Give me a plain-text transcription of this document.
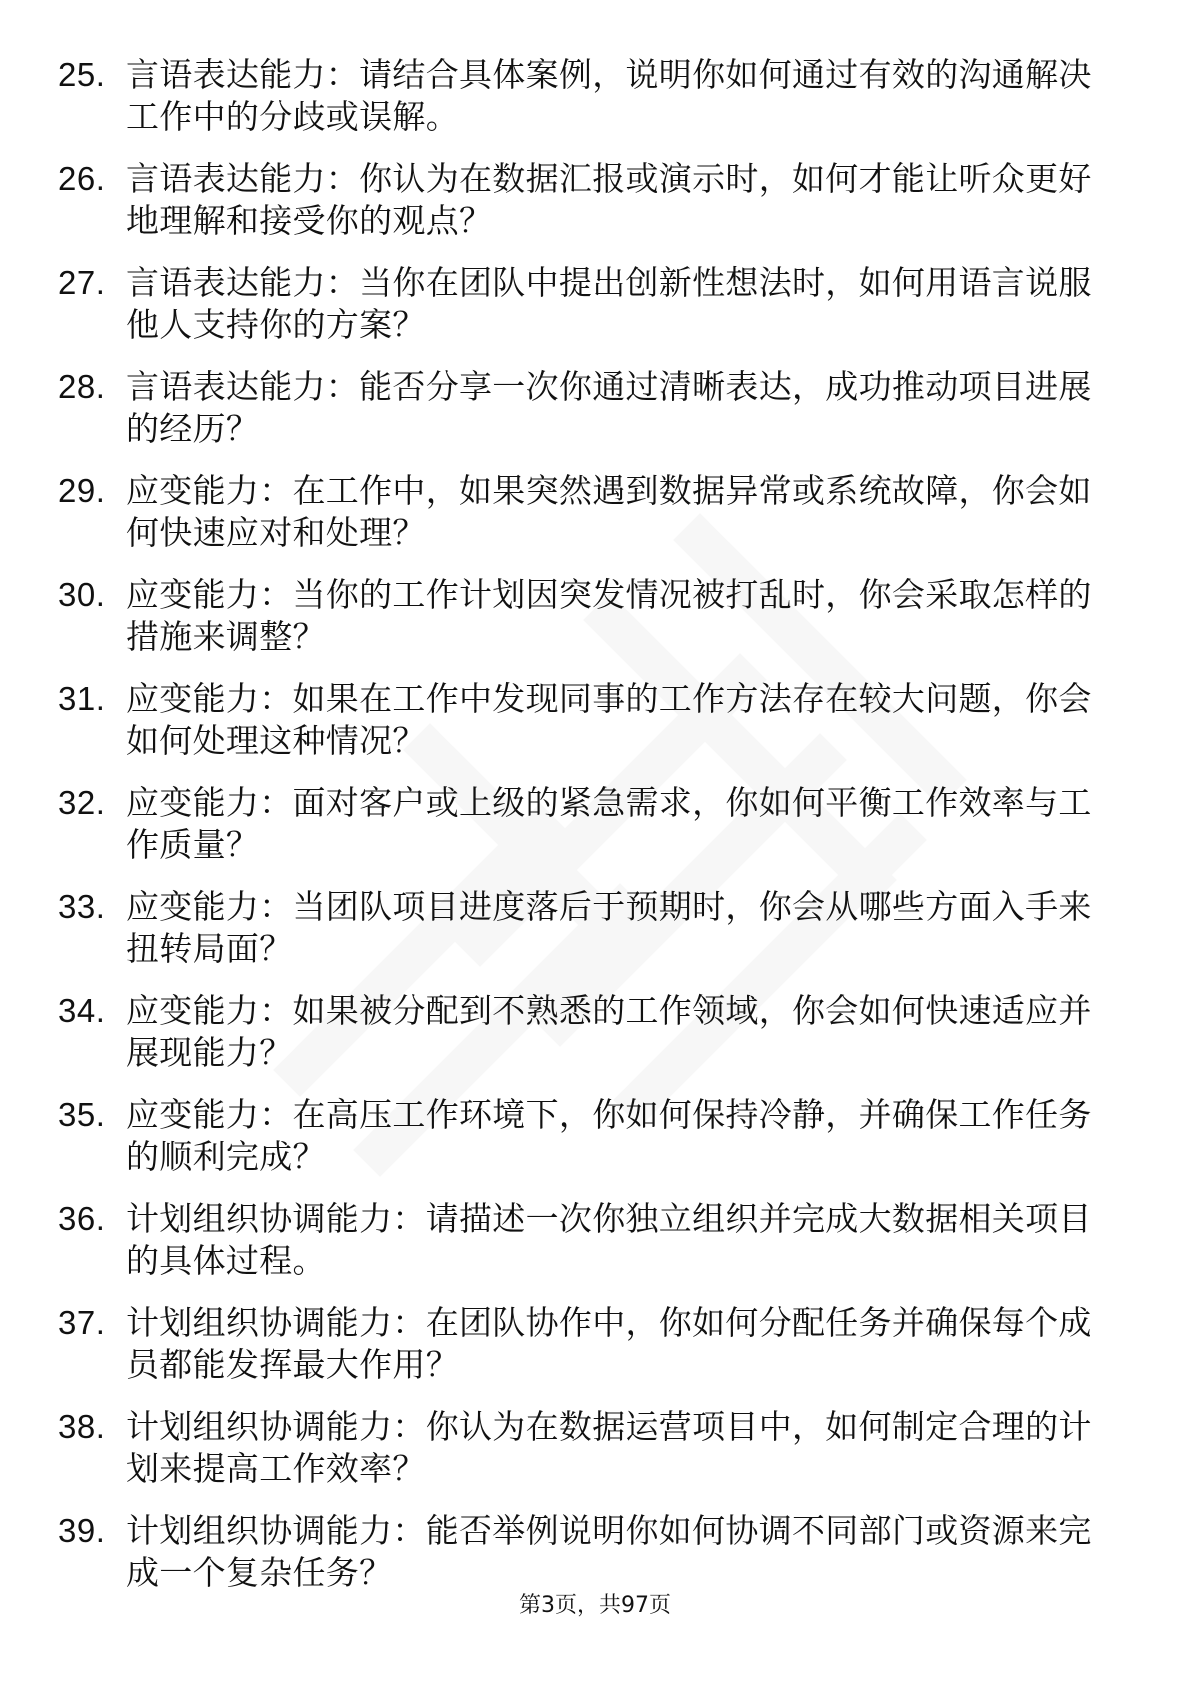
25. 言语表达能力：请结合具体案例，说明你如何通过有效的沟通解决工作中的分歧或误解。
26. 言语表达能力：你认为在数据汇报或演示时，如何才能让听众更好地理解和接受你的观点？
27. 言语表达能力：当你在团队中提出创新性想法时，如何用语言说服他人支持你的方案？
28. 言语表达能力：能否分享一次你通过清晰表达，成功推动项目进展的经历？
29. 应变能力：在工作中，如果突然遇到数据异常或系统故障，你会如何快速应对和处理？
30. 应变能力：当你的工作计划因突发情况被打乱时，你会采取怎样的措施来调整？
31. 应变能力：如果在工作中发现同事的工作方法存在较大问题，你会如何处理这种情况？
32. 应变能力：面对客户或上级的紧急需求，你如何平衡工作效率与工作质量？
33. 应变能力：当团队项目进度落后于预期时，你会从哪些方面入手来扭转局面？
34. 应变能力：如果被分配到不熟悉的工作领域，你会如何快速适应并展现能力？
35. 应变能力：在高压工作环境下，你如何保持冷静，并确保工作任务的顺利完成？
36. 计划组织协调能力：请描述一次你独立组织并完成大数据相关项目的具体过程。
37. 计划组织协调能力：在团队协作中，你如何分配任务并确保每个成员都能发挥最大作用？
38. 计划组织协调能力：你认为在数据运营项目中，如何制定合理的计划来提高工作效率？
39. 计划组织协调能力：能否举例说明你如何协调不同部门或资源来完成一个复杂任务？
第3页，共97页
